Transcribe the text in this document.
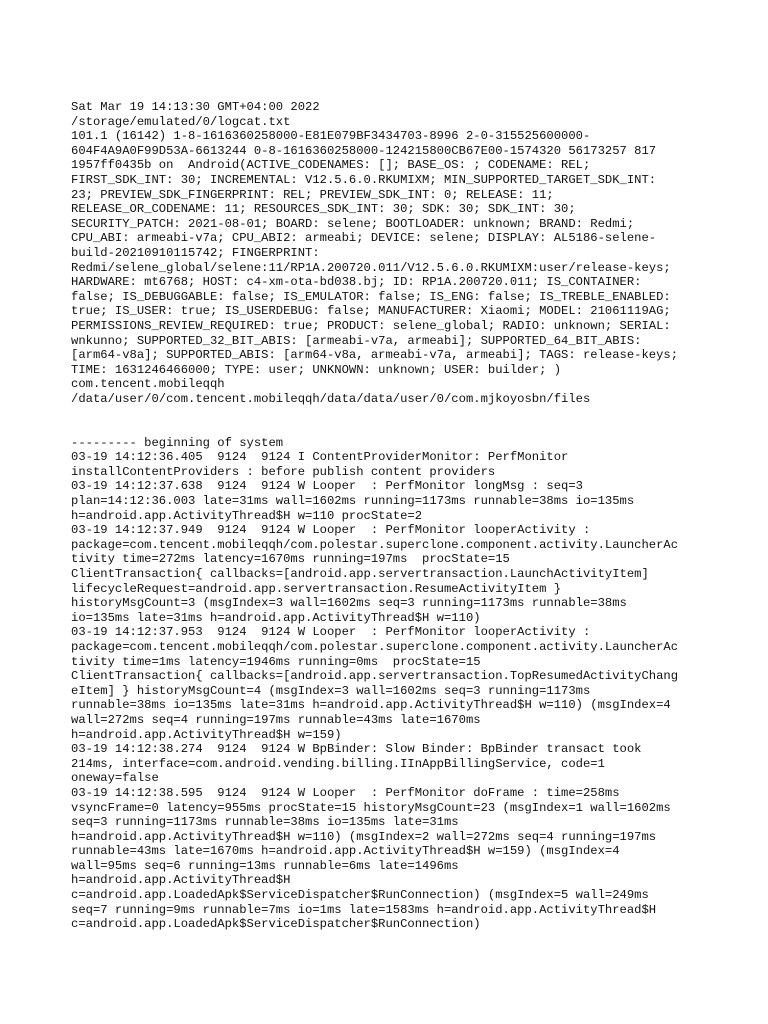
Sat Mar 19 14:13:30 GMT+04:00 2022
/storage/emulated/0/logcat.txt
101.1 (16142) 1-8-1616360258000-E81E079BF3434703-8996 2-0-315525600000-
604F4A9A0F99D53A-6613244 0-8-1616360258000-124215800CB67E00-1574320 56173257 817
1957ff0435b on  Android(ACTIVE_CODENAMES: []; BASE_OS: ; CODENAME: REL;
FIRST_SDK_INT: 30; INCREMENTAL: V12.5.6.0.RKUMIXM; MIN_SUPPORTED_TARGET_SDK_INT:
23; PREVIEW_SDK_FINGERPRINT: REL; PREVIEW_SDK_INT: 0; RELEASE: 11;
RELEASE_OR_CODENAME: 11; RESOURCES_SDK_INT: 30; SDK: 30; SDK_INT: 30;
SECURITY_PATCH: 2021-08-01; BOARD: selene; BOOTLOADER: unknown; BRAND: Redmi;
CPU_ABI: armeabi-v7a; CPU_ABI2: armeabi; DEVICE: selene; DISPLAY: AL5186-selene-
build-20210910115742; FINGERPRINT:
Redmi/selene_global/selene:11/RP1A.200720.011/V12.5.6.0.RKUMIXM:user/release-keys;
HARDWARE: mt6768; HOST: c4-xm-ota-bd038.bj; ID: RP1A.200720.011; IS_CONTAINER:
false; IS_DEBUGGABLE: false; IS_EMULATOR: false; IS_ENG: false; IS_TREBLE_ENABLED:
true; IS_USER: true; IS_USERDEBUG: false; MANUFACTURER: Xiaomi; MODEL: 21061119AG;
PERMISSIONS_REVIEW_REQUIRED: true; PRODUCT: selene_global; RADIO: unknown; SERIAL:
wnkunno; SUPPORTED_32_BIT_ABIS: [armeabi-v7a, armeabi]; SUPPORTED_64_BIT_ABIS:
[arm64-v8a]; SUPPORTED_ABIS: [arm64-v8a, armeabi-v7a, armeabi]; TAGS: release-keys;
TIME: 1631246466000; TYPE: user; UNKNOWN: unknown; USER: builder; )
com.tencent.mobileqqh
/data/user/0/com.tencent.mobileqqh/data/data/user/0/com.mjkoyosbn/files
--------- beginning of system
03-19 14:12:36.405  9124  9124 I ContentProviderMonitor: PerfMonitor
installContentProviders : before publish content providers
03-19 14:12:37.638  9124  9124 W Looper  : PerfMonitor longMsg : seq=3
plan=14:12:36.003 late=31ms wall=1602ms running=1173ms runnable=38ms io=135ms
h=android.app.ActivityThread$H w=110 procState=2
03-19 14:12:37.949  9124  9124 W Looper  : PerfMonitor looperActivity :
package=com.tencent.mobileqqh/com.polestar.superclone.component.activity.LauncherAc
tivity time=272ms latency=1670ms running=197ms  procState=15
ClientTransaction{ callbacks=[android.app.servertransaction.LaunchActivityItem]
lifecycleRequest=android.app.servertransaction.ResumeActivityItem }
historyMsgCount=3 (msgIndex=3 wall=1602ms seq=3 running=1173ms runnable=38ms
io=135ms late=31ms h=android.app.ActivityThread$H w=110)
03-19 14:12:37.953  9124  9124 W Looper  : PerfMonitor looperActivity :
package=com.tencent.mobileqqh/com.polestar.superclone.component.activity.LauncherAc
tivity time=1ms latency=1946ms running=0ms  procState=15
ClientTransaction{ callbacks=[android.app.servertransaction.TopResumedActivityChang
eItem] } historyMsgCount=4 (msgIndex=3 wall=1602ms seq=3 running=1173ms
runnable=38ms io=135ms late=31ms h=android.app.ActivityThread$H w=110) (msgIndex=4
wall=272ms seq=4 running=197ms runnable=43ms late=1670ms
h=android.app.ActivityThread$H w=159)
03-19 14:12:38.274  9124  9124 W BpBinder: Slow Binder: BpBinder transact took
214ms, interface=com.android.vending.billing.IInAppBillingService, code=1
oneway=false
03-19 14:12:38.595  9124  9124 W Looper  : PerfMonitor doFrame : time=258ms
vsyncFrame=0 latency=955ms procState=15 historyMsgCount=23 (msgIndex=1 wall=1602ms
seq=3 running=1173ms runnable=38ms io=135ms late=31ms
h=android.app.ActivityThread$H w=110) (msgIndex=2 wall=272ms seq=4 running=197ms
runnable=43ms late=1670ms h=android.app.ActivityThread$H w=159) (msgIndex=4
wall=95ms seq=6 running=13ms runnable=6ms late=1496ms
h=android.app.ActivityThread$H
c=android.app.LoadedApk$ServiceDispatcher$RunConnection) (msgIndex=5 wall=249ms
seq=7 running=9ms runnable=7ms io=1ms late=1583ms h=android.app.ActivityThread$H
c=android.app.LoadedApk$ServiceDispatcher$RunConnection)
